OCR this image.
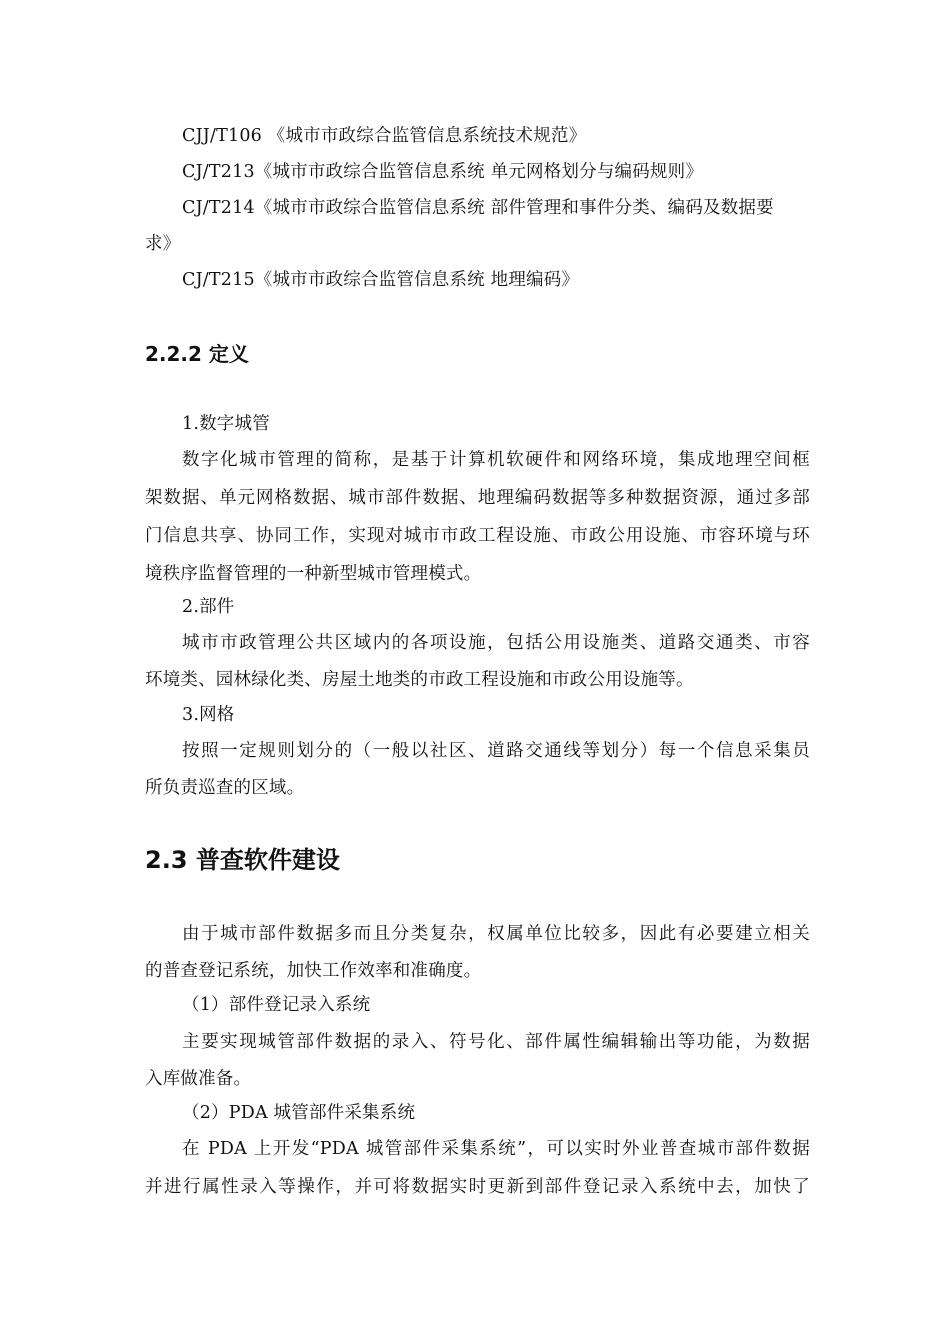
CJJ/T106 《城市市政综合监管信息系统技术规范》
CJ/T213《城市市政综合监管信息系统 单元网格划分与编码规则》
CJ/T214《城市市政综合监管信息系统 部件管理和事件分类、编码及数据要
求》
CJ/T215《城市市政综合监管信息系统 地理编码》
2.2.2 定义
1.数字城管
数字化城市管理的简称，是基于计算机软硬件和网络环境，集成地理空间框
架数据、单元网格数据、城市部件数据、地理编码数据等多种数据资源，通过多部
门信息共享、协同工作，实现对城市市政工程设施、市政公用设施、市容环境与环
境秩序监督管理的一种新型城市管理模式。
2.部件
城市市政管理公共区域内的各项设施，包括公用设施类、道路交通类、市容
环境类、园林绿化类、房屋土地类的市政工程设施和市政公用设施等。
3.网格
按照一定规则划分的（一般以社区、道路交通线等划分）每一个信息采集员
所负责巡查的区域。
2.3 普查软件建设
由于城市部件数据多而且分类复杂，权属单位比较多，因此有必要建立相关
的普查登记系统，加快工作效率和准确度。
（1）部件登记录入系统
主要实现城管部件数据的录入、符号化、部件属性编辑输出等功能，为数据
入库做准备。
（2）PDA 城管部件采集系统
在 PDA 上开发“PDA 城管部件采集系统”，可以实时外业普查城市部件数据
并进行属性录入等操作，并可将数据实时更新到部件登记录入系统中去，加快了
